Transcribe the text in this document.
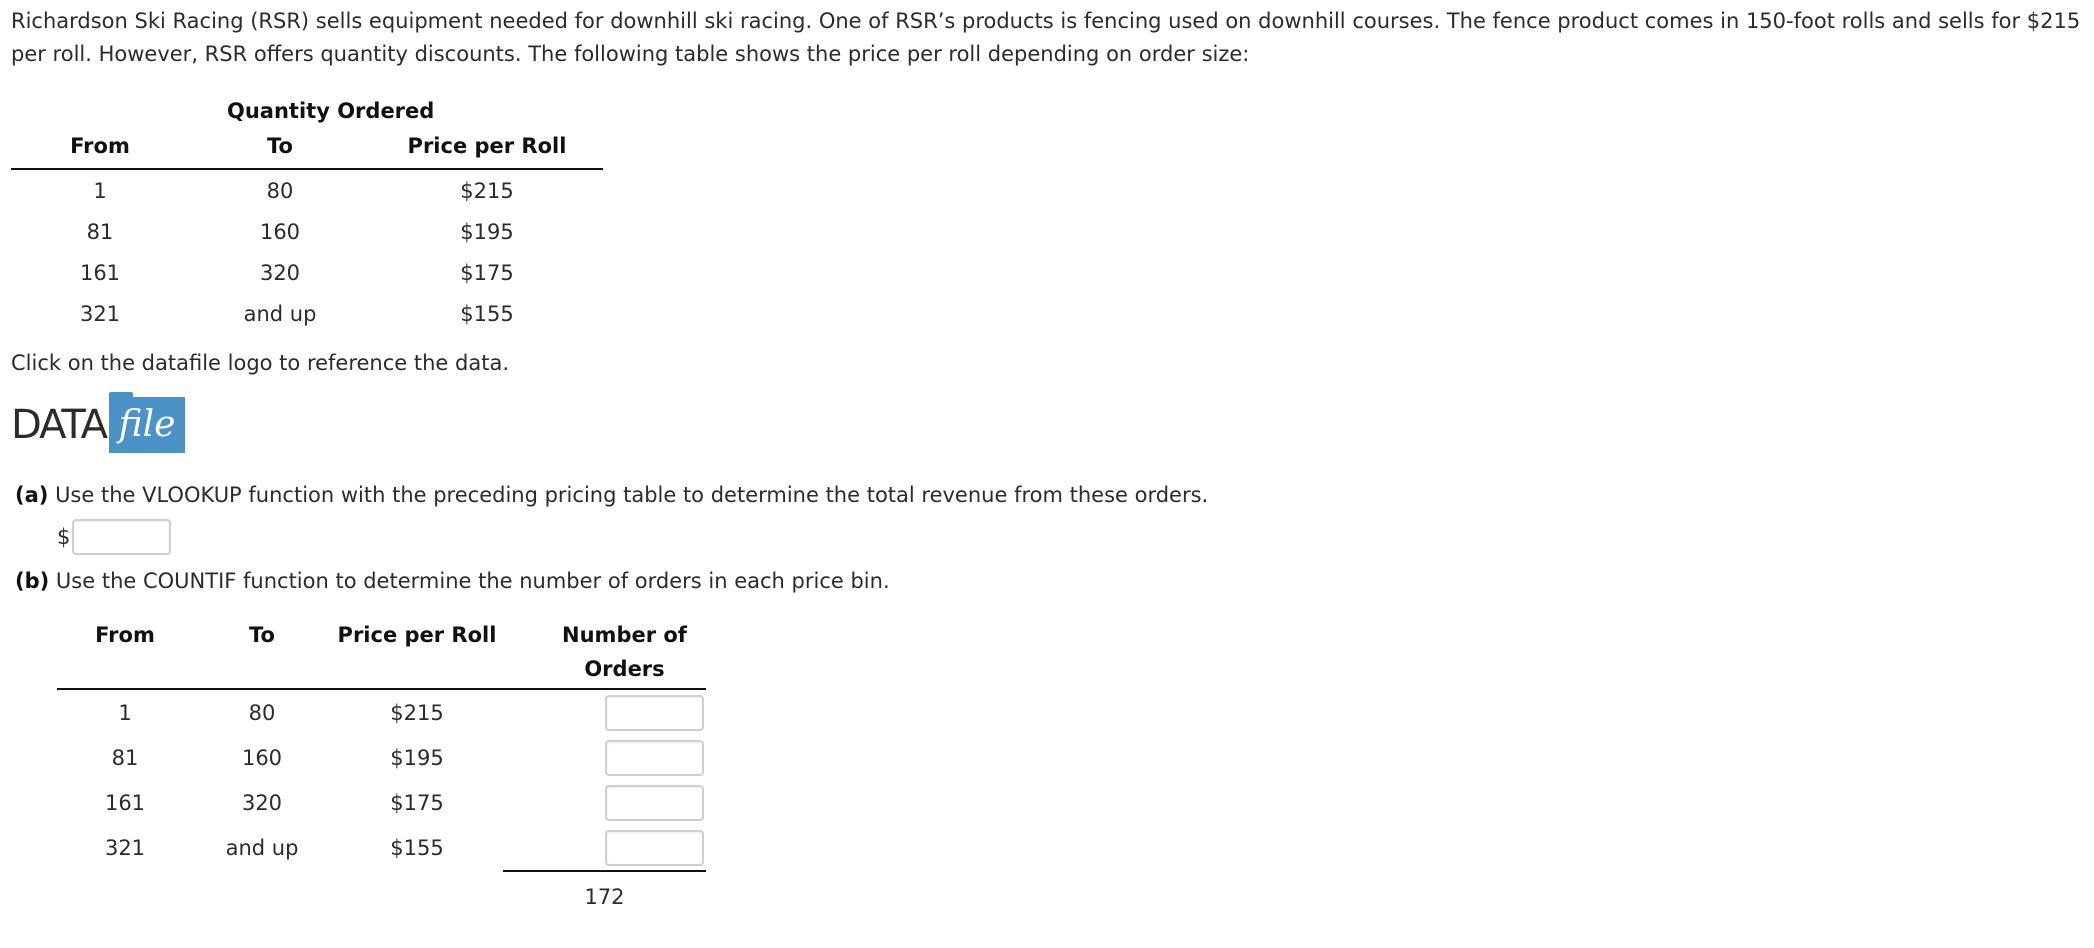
Richardson Ski Racing (RSR) sells equipment needed for downhill ski racing. One of RSR’s products is fencing used on downhill courses. The fence product comes in 150-foot rolls and sells for $215 per roll. However, RSR offers quantity discounts. The following table shows the price per roll depending on order size:

	Quantity Ordered	
From	To	Price per Roll
1	80	$215
81	160	$195
161	320	$175
321	and up	$155

Click on the datafile logo to reference the data.

DATA file

(a) Use the VLOOKUP function with the preceding pricing table to determine the total revenue from these orders.

$

(b) Use the COUNTIF function to determine the number of orders in each price bin.

From	To	Price per Roll	Number of Orders
1	80	$215	
81	160	$195	
161	320	$175	
321	and up	$155	
			172
